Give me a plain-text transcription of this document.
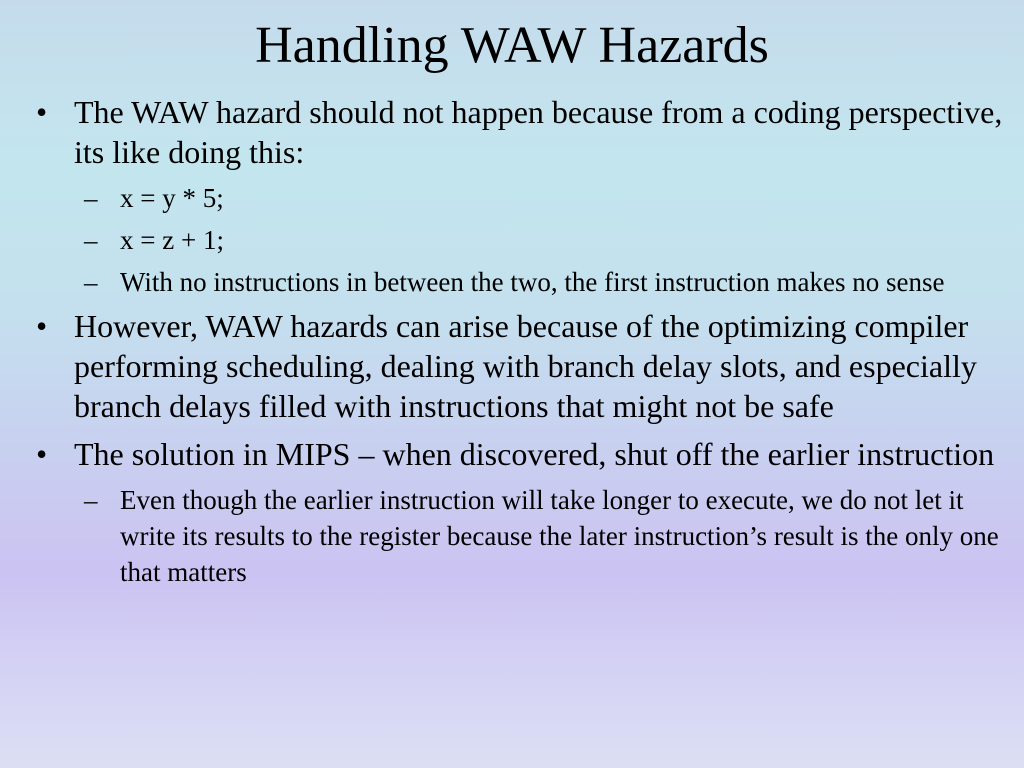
Handling WAW Hazards
• The WAW hazard should not happen because from a coding perspective, its like doing this:
– x = y * 5;
– x = z + 1;
– With no instructions in between the two, the first instruction makes no sense
• However, WAW hazards can arise because of the optimizing compiler performing scheduling, dealing with branch delay slots, and especially branch delays filled with instructions that might not be safe
• The solution in MIPS – when discovered, shut off the earlier instruction
– Even though the earlier instruction will take longer to execute, we do not let it write its results to the register because the later instruction’s result is the only one that matters
